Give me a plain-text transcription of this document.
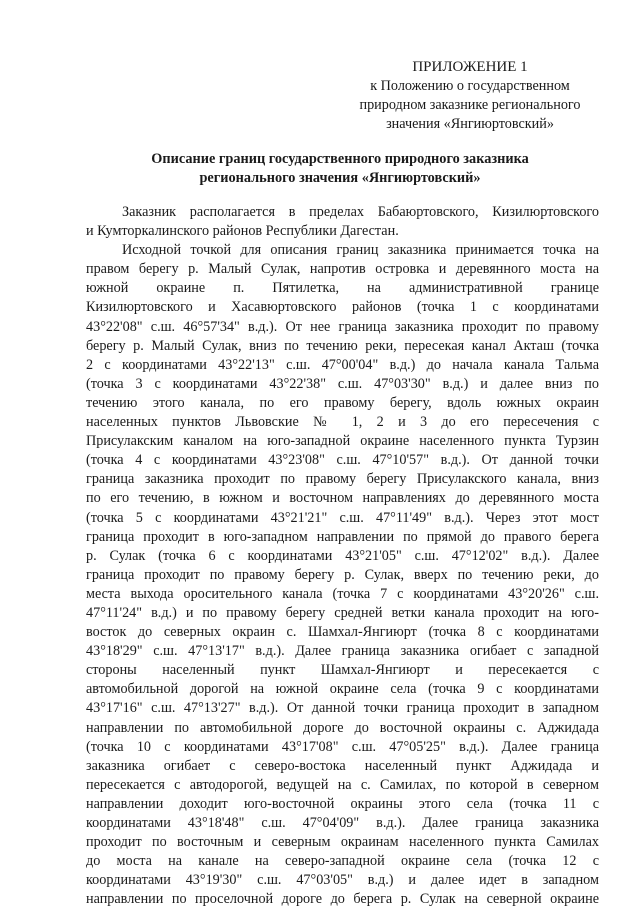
ПРИЛОЖЕНИЕ 1
к Положению о государственном
природном заказнике регионального
значения «Янгиюртовский»
Описание границ государственного природного заказника
регионального значения «Янгиюртовский»
Заказник располагается в пределах Бабаюртовского, Кизилюртовского
и Кумторкалинского районов Республики Дагестан.
Исходной точкой для описания границ заказника принимается точка на
правом берегу р. Малый Сулак, напротив островка и деревянного моста на
южной окраине п. Пятилетка, на административной границе
Кизилюртовского и Хасавюртовского районов (точка 1 с координатами
43°22'08" с.ш. 46°57'34" в.д.). От нее граница заказника проходит по правому
берегу р. Малый Сулак, вниз по течению реки, пересекая канал Акташ (точка
2 с координатами 43°22'13" с.ш. 47°00'04" в.д.) до начала канала Тальма
(точка 3 с координатами 43°22'38" с.ш. 47°03'30" в.д.) и далее вниз по
течению этого канала, по его правому берегу, вдоль южных окраин
населенных пунктов Львовские № 1, 2 и 3 до его пересечения с
Присулакским каналом на юго-западной окраине населенного пункта Турзин
(точка 4 с координатами 43°23'08" с.ш. 47°10'57" в.д.). От данной точки
граница заказника проходит по правому берегу Присулакского канала, вниз
по его течению, в южном и восточном направлениях до деревянного моста
(точка 5 с координатами 43°21'21" с.ш. 47°11'49" в.д.). Через этот мост
граница проходит в юго-западном направлении по прямой до правого берега
р. Сулак (точка 6 с координатами 43°21'05" с.ш. 47°12'02" в.д.). Далее
граница проходит по правому берегу р. Сулак, вверх по течению реки, до
места выхода оросительного канала (точка 7 с координатами 43°20'26" с.ш.
47°11'24" в.д.) и по правому берегу средней ветки канала проходит на юго-
восток до северных окраин с. Шамхал-Янгиюрт (точка 8 с координатами
43°18'29" с.ш. 47°13'17" в.д.). Далее граница заказника огибает с западной
стороны населенный пункт Шамхал-Янгиюрт и пересекается с
автомобильной дорогой на южной окраине села (точка 9 с координатами
43°17'16" с.ш. 47°13'27" в.д.). От данной точки граница проходит в западном
направлении по автомобильной дороге до восточной окраины с. Аджидада
(точка 10 с координатами 43°17'08" с.ш. 47°05'25" в.д.). Далее граница
заказника огибает с северо-востока населенный пункт Аджидада и
пересекается с автодорогой, ведущей на с. Самилах, по которой в северном
направлении доходит юго-восточной окраины этого села (точка 11 с
координатами 43°18'48" с.ш. 47°04'09" в.д.). Далее граница заказника
проходит по восточным и северным окраинам населенного пункта Самилах
до моста на канале на северо-западной окраине села (точка 12 с
координатами 43°19'30" с.ш. 47°03'05" в.д.) и далее идет в западном
направлении по проселочной дороге до берега р. Сулак на северной окраине
